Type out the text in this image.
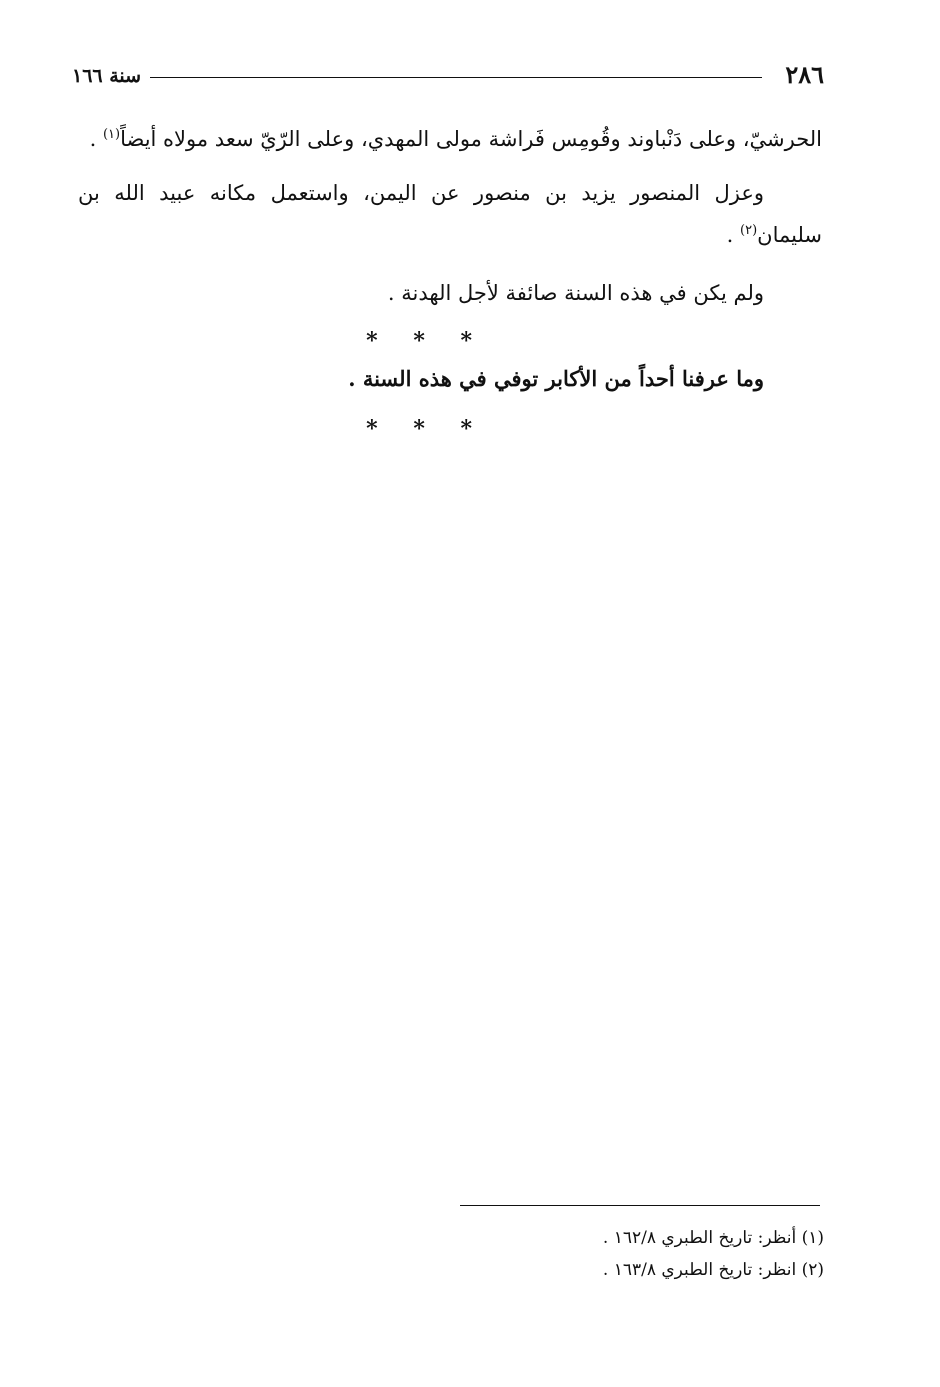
٢٨٦
سنة ١٦٦

الحرشيّ، وعلى دَنْباوند وقُومِس فَراشة مولى المهدي، وعلى الرّيّ سعد مولاه أيضاً$^{(١)}$ .

وعزل المنصور يزيد بن منصور عن اليمن، واستعمل مكانه عبيد الله بن سليمان$^{(٢)}$ .

ولم يكن في هذه السنة صائفة لأجل الهدنة .

* * *

وما عرفنا أحداً من الأكابر توفي في هذه السنة .

* * *

(١) أنظر: تاريخ الطبري ١٦٢/٨ .

(٢) انظر: تاريخ الطبري ١٦٣/٨ .
